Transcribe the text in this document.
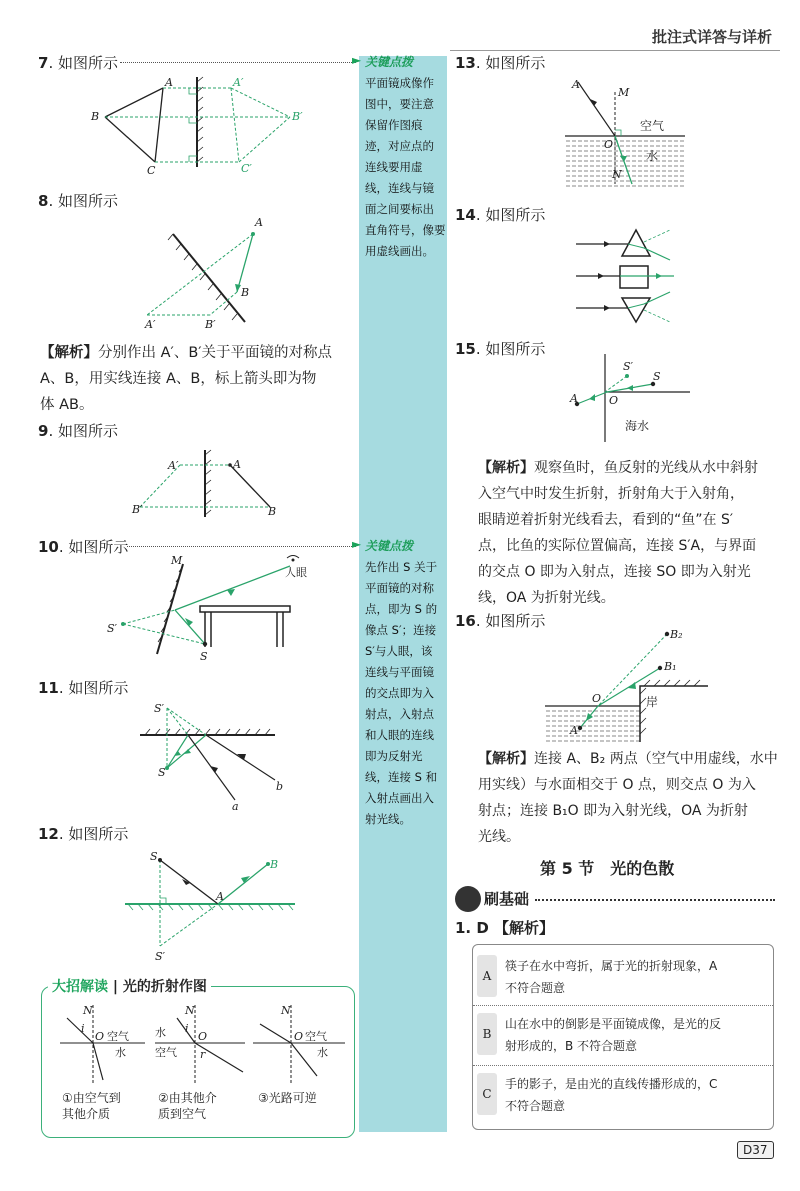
批注式详答与详析
7. 如图所示	►
A	A′
B	B′
C	C′
8. 如图所示
A
B
A′	B′
【解析】分别作出 A′、B′关于平面镜的对称点
A、B，用实线连接 A、B，标上箭头即为物
体 AB。
9. 如图所示
A′	A
B′	B
10. 如图所示	►
M
人眼
S′
S
11. 如图所示
S′
S
a
b
12. 如图所示
S
B
A
S′
大招解读 | 光的折射作图
N
O
i
空气
水
N
O
i
r
水
空气
N
O 空气
水
①由空气到
其他介质
②由其他介
质到空气
③光路可逆
关键点拨
平面镜成像作
图中，要注意
保留作图痕
迹，对应点的
连线要用虚
线，连线与镜
面之间要标出
直角符号，像要
用虚线画出。
关键点拨
先作出 S 关于
平面镜的对称
点，即为 S 的
像点 S′；连接
S′与人眼，该
连线与平面镜
的交点即为入
射点，入射点
和人眼的连线
即为反射光
线，连接 S 和
入射点画出入
射光线。
13. 如图所示
A
M
空气
O
水
N
14. 如图所示
15. 如图所示
S′
S
A	O
海水
【解析】观察鱼时，鱼反射的光线从水中斜射
入空气中时发生折射，折射角大于入射角，
眼睛逆着折射光线看去，看到的“鱼”在 S′
点，比鱼的实际位置偏高，连接 S′A，与界面
的交点 O 即为入射点，连接 SO 即为入射光
线，OA 为折射光线。
16. 如图所示
B₂
B₁
O
A
岸
【解析】连接 A、B₂ 两点（空气中用虚线，水中
用实线）与水面相交于 O 点，则交点 O 为入
射点；连接 B₁O 即为入射光线，OA 为折射
光线。
第 5 节　光的色散
刷基础
1. D 【解析】
A
筷子在水中弯折，属于光的折射现象，A
不符合题意
B
山在水中的倒影是平面镜成像，是光的反
射形成的，B 不符合题意
C
手的影子，是由光的直线传播形成的，C
不符合题意
D37
